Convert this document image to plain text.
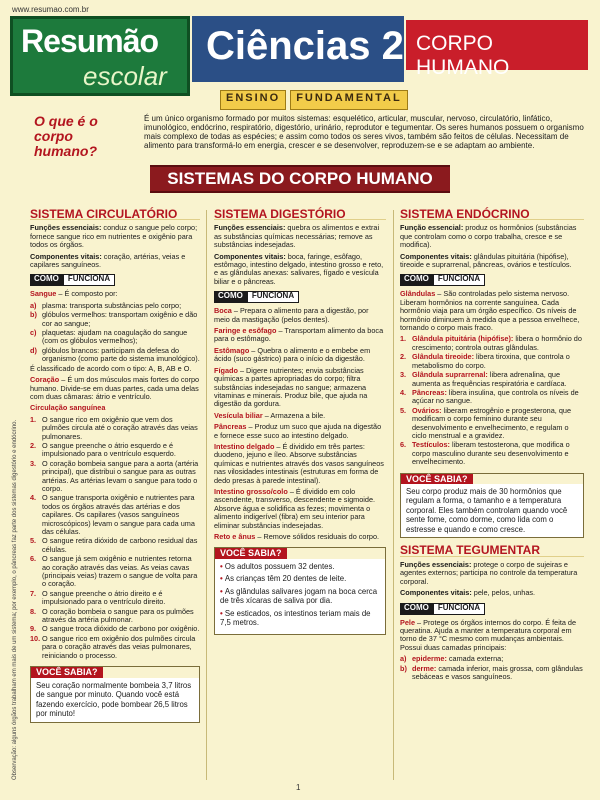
www.resumao.com.br
Resumão
escolar
Ciências 2 CORPO HUMANO
ENSINO	FUNDAMENTAL
Observação: alguns órgãos trabalham em mais de um sistema; por exemplo, o pâncreas faz parte dos sistemas digestório e endócrino.
O que é o corpo humano?
É um único organismo formado por muitos sistemas: esquelético, articular, muscular, nervoso, circulatório, linfático, imunológico, endócrino, respiratório, digestório, urinário, reprodutor e tegumentar. Os seres humanos possuem o organismo mais complexo de todas as espécies; e assim como todos os seres vivos, também são feitos de células. Necessitam de alimento para transformá-lo em energia, crescer e se desenvolver, reproduzem-se e se adaptam ao ambiente.
SISTEMAS DO CORPO HUMANO
SISTEMA CIRCULATÓRIO
Funções essenciais: conduz o sangue pelo corpo; fornece sangue rico em nutrientes e oxigênio para todos os órgãos.
Componentes vitais: coração, artérias, veias e capilares sanguíneos.
COMO	FUNCIONA
Sangue – É composto por:
a) plasma: transporta substâncias pelo corpo;
b) glóbulos vermelhos: transportam oxigênio e dão cor ao sangue;
c) plaquetas: ajudam na coagulação do sangue (com os glóbulos vermelhos);
d) glóbulos brancos: participam da defesa do organismo (como parte do sistema imunológico).
É classificado de acordo com o tipo: A, B, AB e O.
Coração – É um dos músculos mais fortes do corpo humano. Divide-se em duas partes, cada uma delas com duas câmaras: átrio e ventrículo.
Circulação sanguínea
1. O sangue rico em oxigênio que vem dos pulmões circula até o coração através das veias pulmonares.
2. O sangue preenche o átrio esquerdo e é impulsionado para o ventrículo esquerdo.
3. O coração bombeia sangue para a aorta (artéria principal), que distribui o sangue para as outras artérias. As artérias levam o sangue para todo o corpo.
4. O sangue transporta oxigênio e nutrientes para todos os órgãos através das artérias e dos capilares. Os capilares (vasos sanguíneos microscópicos) levam o sangue para cada uma das células.
5. O sangue retira dióxido de carbono residual das células.
6. O sangue já sem oxigênio e nutrientes retorna ao coração através das veias. As veias cavas (principais veias) trazem o sangue de volta para o coração.
7. O sangue preenche o átrio direito e é impulsionado para o ventrículo direito.
8. O coração bombeia o sangue para os pulmões através da artéria pulmonar.
9. O sangue troca dióxido de carbono por oxigênio.
10. O sangue rico em oxigênio dos pulmões circula para o coração através das veias pulmonares, reiniciando o processo.
VOCÊ SABIA?
Seu coração normalmente bombeia 3,7 litros de sangue por minuto. Quando você está fazendo exercício, pode bombear 26,5 litros por minuto!
SISTEMA DIGESTÓRIO
Funções essenciais: quebra os alimentos e extrai as substâncias químicas necessárias; remove as substâncias indesejadas.
Componentes vitais: boca, faringe, esôfago, estômago, intestino delgado, intestino grosso e reto, e as glândulas anexas: salivares, fígado e vesícula biliar e o pâncreas.
COMO	FUNCIONA
Boca – Prepara o alimento para a digestão, por meio da mastigação (pelos dentes).
Faringe e esôfago – Transportam alimento da boca para o estômago.
Estômago – Quebra o alimento e o embebe em ácido (suco gástrico) para o início da digestão.
Fígado – Digere nutrientes; envia substâncias químicas a partes apropriadas do corpo; filtra substâncias indesejadas no sangue; armazena vitaminas e minerais. Produz bile, que ajuda na digestão da gordura.
Vesícula biliar – Armazena a bile.
Pâncreas – Produz um suco que ajuda na digestão e fornece esse suco ao intestino delgado.
Intestino delgado – É dividido em três partes: duodeno, jejuno e íleo. Absorve substâncias químicas e nutrientes através dos vasos sanguíneos nas vilosidades intestinais (estruturas em forma de dedo presas à parede intestinal).
Intestino grosso/colo – É dividido em colo ascendente, transverso, descendente e sigmoide. Absorve água e solidifica as fezes; movimenta o alimento indigerível (fibra) em seu interior para eliminar substâncias indesejadas.
Reto e ânus – Remove sólidos residuais do corpo.
VOCÊ SABIA?
• Os adultos possuem 32 dentes.
• As crianças têm 20 dentes de leite.
• As glândulas salivares jogam na boca cerca de três xícaras de saliva por dia.
• Se esticados, os intestinos teriam mais de 7,5 metros.
SISTEMA ENDÓCRINO
Função essencial: produz os hormônios (substâncias que controlam como o corpo trabalha, cresce e se modifica).
Componentes vitais: glândulas pituitária (hipófise), tireoide e suprarrenal, pâncreas, ovários e testículos.
COMO	FUNCIONA
Glândulas – São controladas pelo sistema nervoso. Liberam hormônios na corrente sanguínea. Cada hormônio viaja para um órgão específico. Os níveis de hormônio diminuem à medida que a pessoa envelhece, tornando o corpo mais fraco.
1. Glândula pituitária (hipófise): libera o hormônio do crescimento; controla outras glândulas.
2. Glândula tireoide: libera tiroxina, que controla o metabolismo do corpo.
3. Glândula suprarrenal: libera adrenalina, que aumenta as frequências respiratória e cardíaca.
4. Pâncreas: libera insulina, que controla os níveis de açúcar no sangue.
5. Ovários: liberam estrogênio e progesterona, que modificam o corpo feminino durante seu desenvolvimento e envelhecimento, e regulam o ciclo menstrual e a gravidez.
6. Testículos: liberam testosterona, que modifica o corpo masculino durante seu desenvolvimento e envelhecimento.
VOCÊ SABIA?
Seu corpo produz mais de 30 hormônios que regulam a forma, o tamanho e a temperatura corporal. Eles também controlam quando você sente fome, como dorme, como lida com o estresse e quando e como cresce.
SISTEMA TEGUMENTAR
Funções essenciais: protege o corpo de sujeiras e agentes externos; participa no controle da temperatura corporal.
Componentes vitais: pele, pelos, unhas.
COMO	FUNCIONA
Pele – Protege os órgãos internos do corpo. É feita de queratina. Ajuda a manter a temperatura corporal em torno de 37 °C mesmo com mudanças ambientais. Possui duas camadas principais:
a) epiderme: camada externa;
b) derme: camada inferior, mais grossa, com glândulas sebáceas e vasos sanguíneos.
1
